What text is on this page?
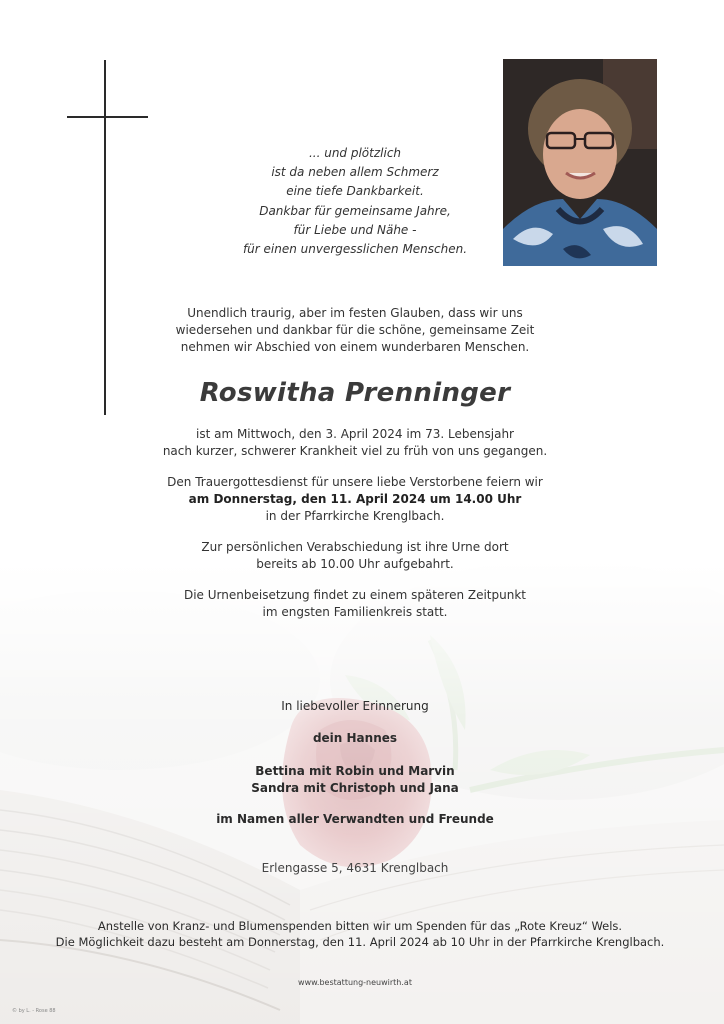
... und plötzlich
ist da neben allem Schmerz
eine tiefe Dankbarkeit.
Dankbar für gemeinsame Jahre,
für Liebe und Nähe -
für einen unvergesslichen Menschen.
Unendlich traurig, aber im festen Glauben, dass wir uns
wiedersehen und dankbar für die schöne, gemeinsame Zeit
nehmen wir Abschied von einem wunderbaren Menschen.
Roswitha Prenninger
ist am Mittwoch, den 3. April 2024 im 73. Lebensjahr
nach kurzer, schwerer Krankheit viel zu früh von uns gegangen.
Den Trauergottesdienst für unsere liebe Verstorbene feiern wir
am Donnerstag, den 11. April 2024 um 14.00 Uhr
in der Pfarrkirche Krenglbach.
Zur persönlichen Verabschiedung ist ihre Urne dort
bereits ab 10.00 Uhr aufgebahrt.
Die Urnenbeisetzung findet zu einem späteren Zeitpunkt
im engsten Familienkreis statt.
In liebevoller Erinnerung
dein Hannes
Bettina mit Robin und Marvin
Sandra mit Christoph und Jana
im Namen aller Verwandten und Freunde
Erlengasse 5, 4631 Krenglbach
Anstelle von Kranz- und Blumenspenden bitten wir um Spenden für das „Rote Kreuz“ Wels.
Die Möglichkeit dazu besteht am Donnerstag, den 11. April 2024 ab 10 Uhr in der Pfarrkirche Krenglbach.
www.bestattung-neuwirth.at
© by L. - Rose 88
